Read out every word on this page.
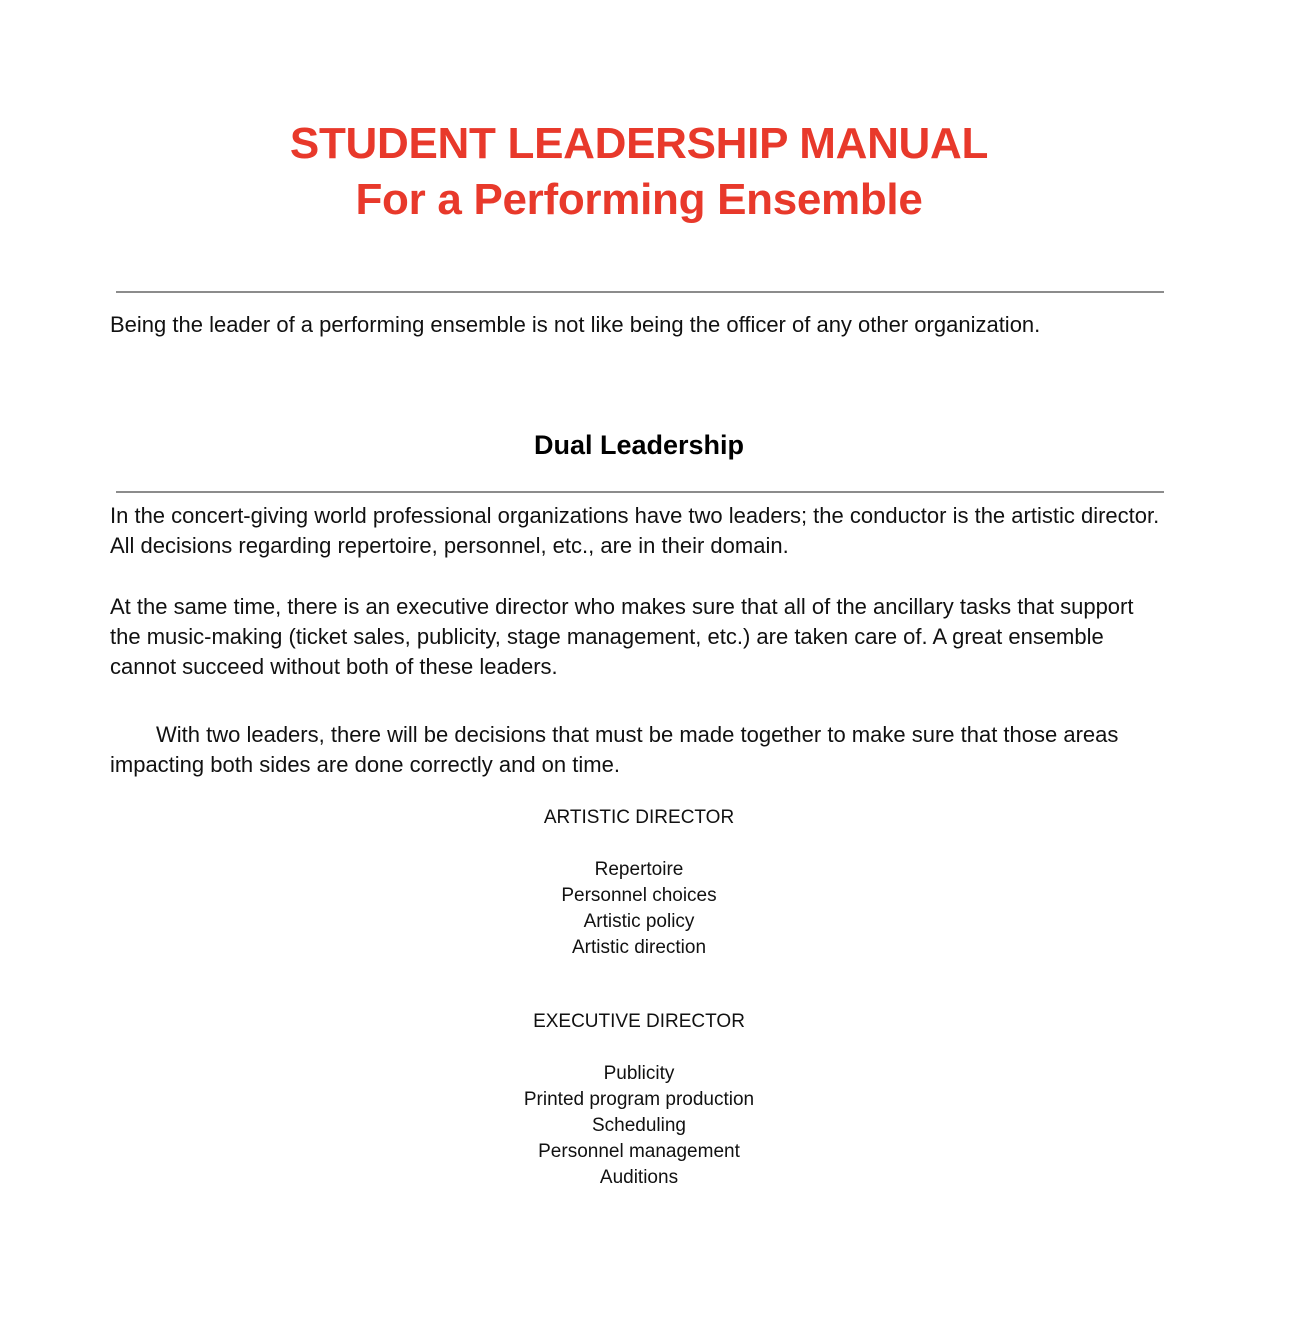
STUDENT LEADERSHIP MANUAL
For a Performing Ensemble

Being the leader of a performing ensemble is not like being the officer of any other organization.

Dual Leadership

In the concert-giving world professional organizations have two leaders; the conductor is the artistic director. All decisions regarding repertoire, personnel, etc., are in their domain.

At the same time, there is an executive director who makes sure that all of the ancillary tasks that support the music-making (ticket sales, publicity, stage management, etc.) are taken care of. A great ensemble cannot succeed without both of these leaders.

With two leaders, there will be decisions that must be made together to make sure that those areas impacting both sides are done correctly and on time.

ARTISTIC DIRECTOR
Repertoire
Personnel choices
Artistic policy
Artistic direction
EXECUTIVE DIRECTOR
Publicity
Printed program production
Scheduling
Personnel management
Auditions
